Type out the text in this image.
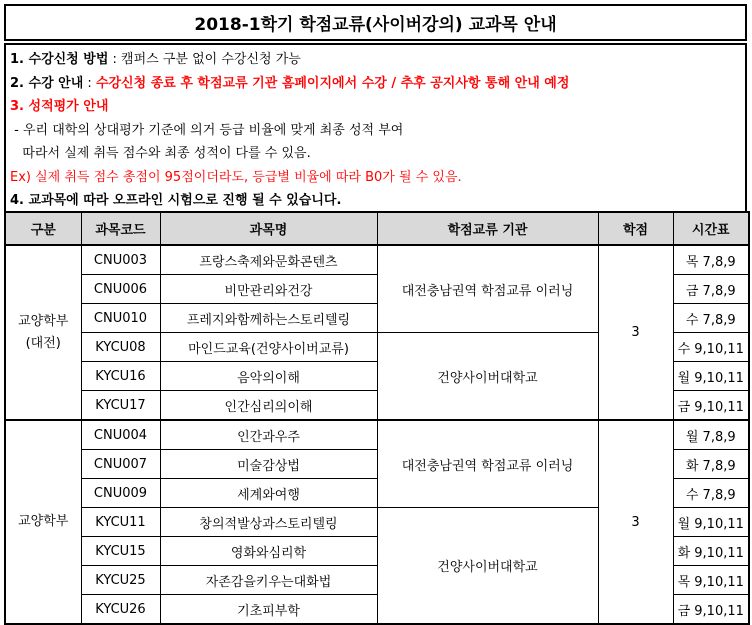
2018-1학기 학점교류(사이버강의) 교과목 안내
1. 수강신청 방법 : 캠퍼스 구분 없이 수강신청 가능
2. 수강 안내 : 수강신청 종료 후 학점교류 기관 홈페이지에서 수강 / 추후 공지사항 통해 안내 예정
3. 성적평가 안내
- 우리 대학의 상대평가 기준에 의거 등급 비율에 맞게 최종 성적 부여
따라서 실제 취득 점수와 최종 성적이 다를 수 있음.
Ex) 실제 취득 점수 총점이 95점이더라도, 등급별 비율에 따라 B0가 될 수 있음.
4. 교과목에 따라 오프라인 시험으로 진행 될 수 있습니다.
구분	과목코드	과목명	학점교류 기관	학점	시간표
교양학부
(대전)	CNU003	프랑스축제와문화콘텐츠	대전충남권역 학점교류 이러닝	3	목 7,8,9
	CNU006	비만관리와건강			금 7,8,9
	CNU010	프레지와함께하는스토리텔링			수 7,8,9
	KYCU08	마인드교육(건양사이버교류)	건양사이버대학교		수 9,10,11
	KYCU16	음악의이해			월 9,10,11
	KYCU17	인간심리의이해			금 9,10,11
교양학부	CNU004	인간과우주	대전충남권역 학점교류 이러닝	3	월 7,8,9
	CNU007	미술감상법			화 7,8,9
	CNU009	세계와여행			수 7,8,9
	KYCU11	창의적발상과스토리텔링	건양사이버대학교		월 9,10,11
	KYCU15	영화와심리학			화 9,10,11
	KYCU25	자존감을키우는대화법			목 9,10,11
	KYCU26	기초피부학			금 9,10,11
